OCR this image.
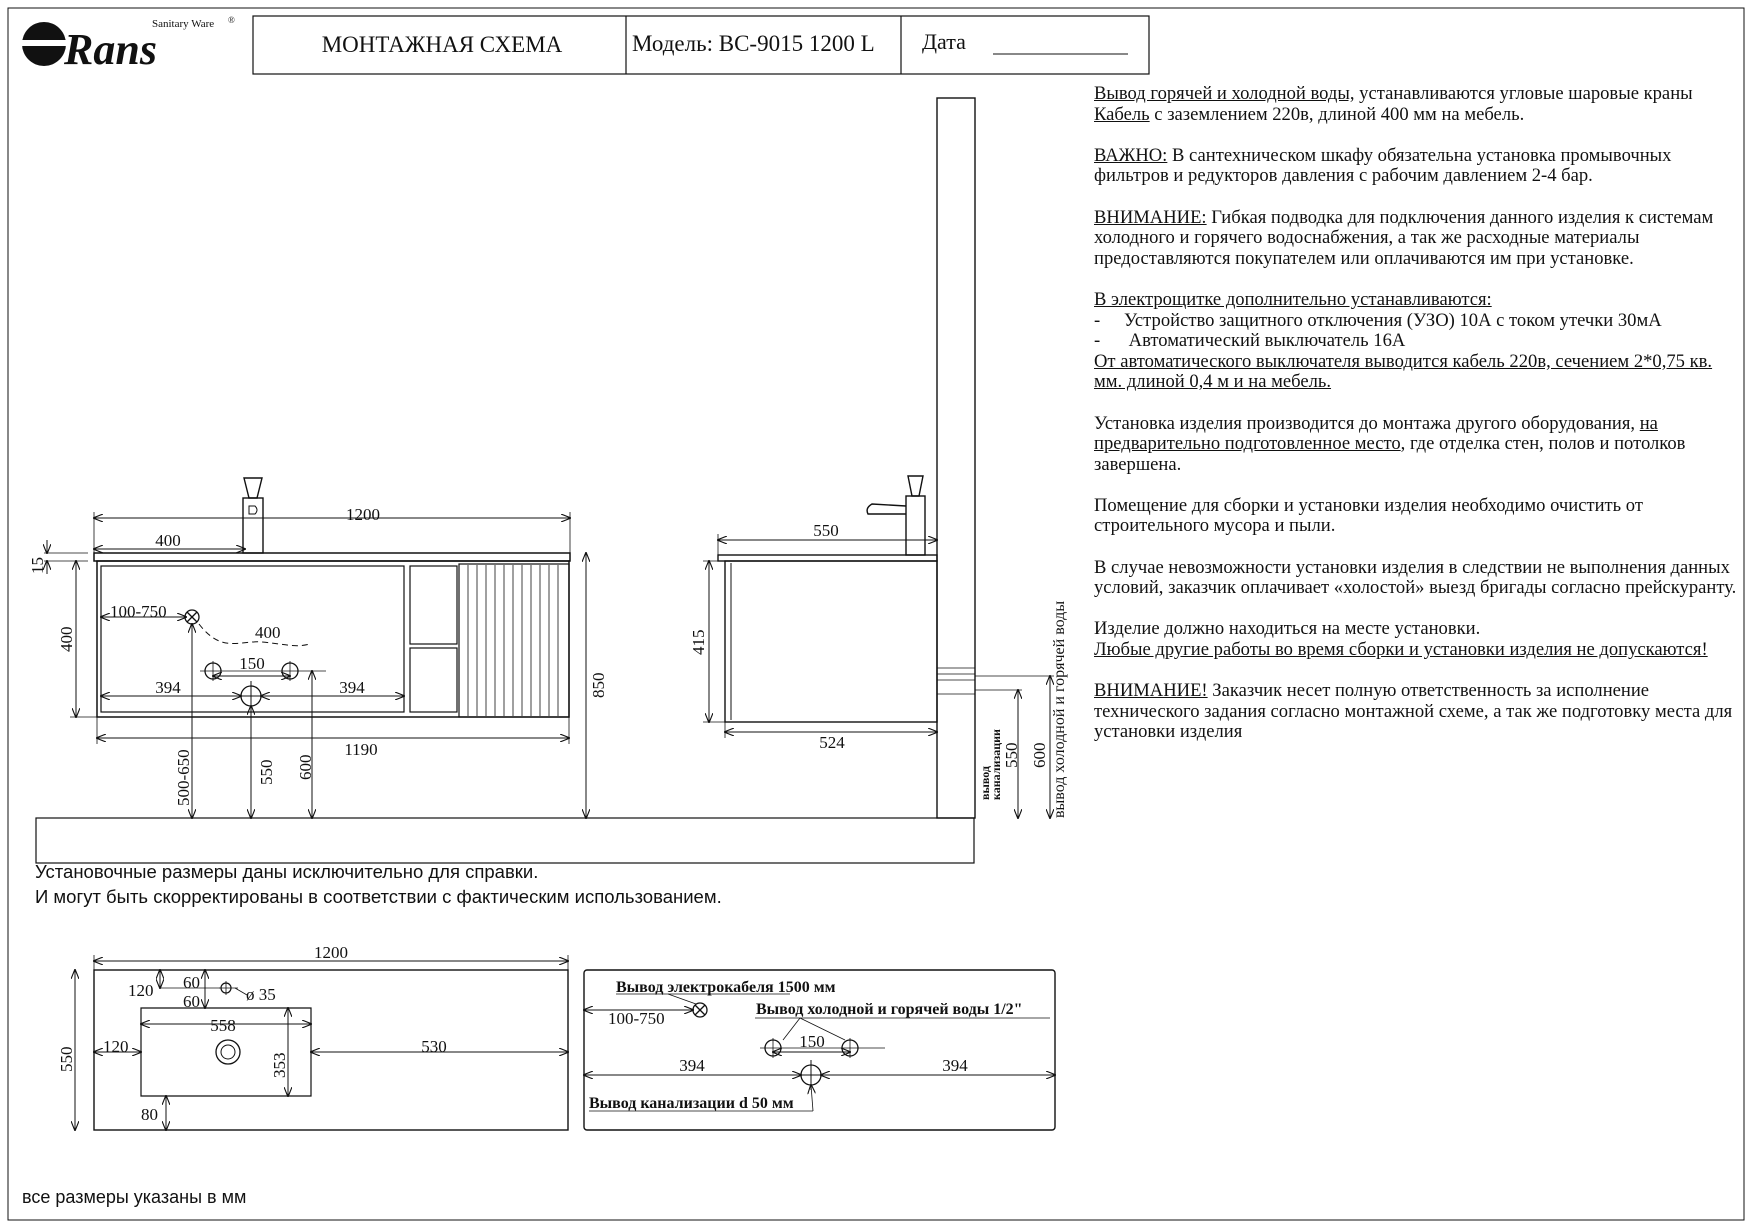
Rans
Sanitary Ware ®
МОНТАЖНАЯ СХЕМА	Модель: BC-9015 1200 L Дата
1200
400
15
400
850
1190
100-750
400
150
394	394
500-650	550 600
550
415
524	550 600
вывод
канализации	вывод холодной и горячей воды
1200
550
120 60
60	ø 35
558
120	530
353
80
Вывод электрокабеля 1500 мм
100-750	Вывод холодной и горячей воды 1/2"
150
394	394
Вывод канализации d 50 мм
Установочные размеры даны исключительно для справки.
И могут быть скорректированы в соответствии с фактическим использованием.
все размеры указаны в мм

Вывод горячей и холодной воды, устанавливаются угловые шаровые краны
Кабель с заземлением 220в, длиной 400 мм на мебель.

ВАЖНО: В сантехническом шкафу обязательна установка промывочных фильтров и редукторов давления с рабочим давлением 2-4 бар.

ВНИМАНИЕ: Гибкая подводка для подключения данного изделия к системам холодного и горячего водоснабжения, а так же расходные материалы предоставляются покупателем или оплачиваются им при установке.

В электрощитке дополнительно устанавливаются:
- Устройство защитного отключения (УЗО) 10А с током утечки 30мА
- Автоматический выключатель 16А
От автоматического выключателя выводится кабель 220в, сечением 2*0,75 кв. мм. длиной 0,4 м и на мебель.

Установка изделия производится до монтажа другого оборудования, на предварительно подготовленное место, где отделка стен, полов и потолков завершена.

Помещение для сборки и установки изделия необходимо очистить от строительного мусора и пыли.

В случае невозможности установки изделия в следствии не выполнения данных условий, заказчик оплачивает «холостой» выезд бригады согласно прейскуранту.

Изделие должно находиться на месте установки.
Любые другие работы во время сборки и установки изделия не допускаются!

ВНИМАНИЕ! Заказчик несет полную ответственность за исполнение технического задания согласно монтажной схеме, а так же подготовку места для установки изделия
